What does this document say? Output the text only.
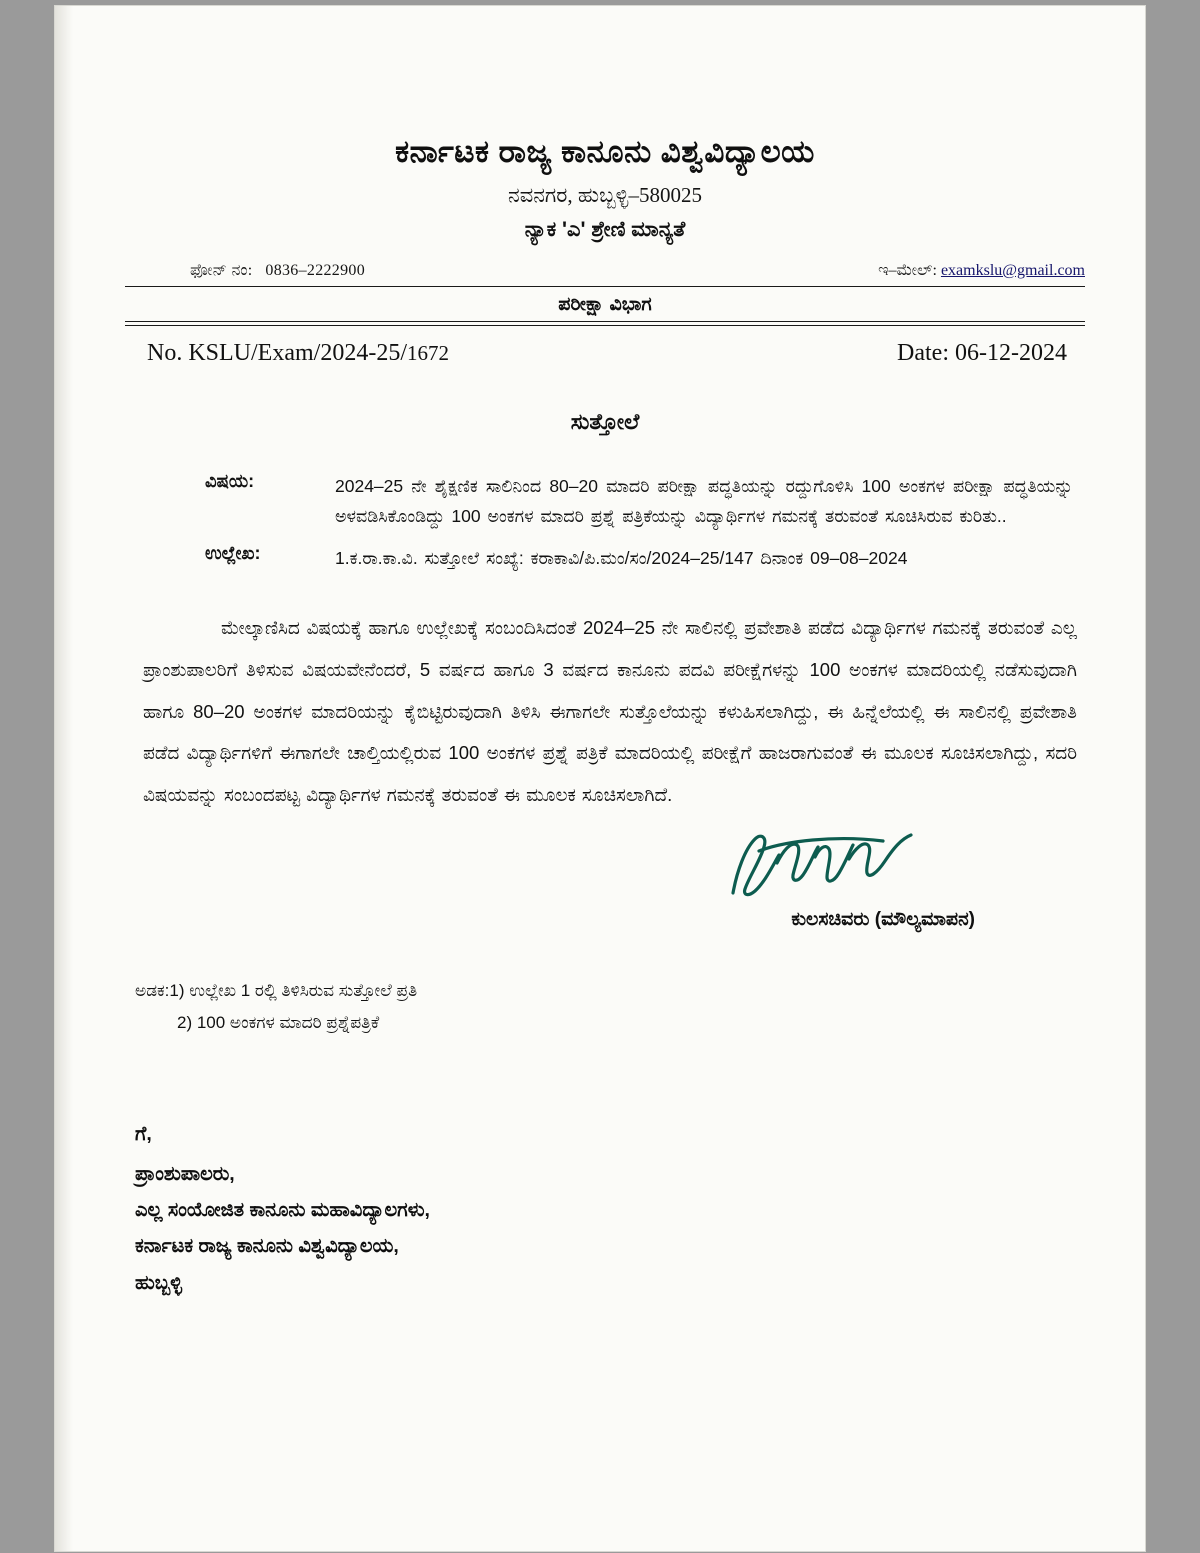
ಕರ್ನಾಟಕ ರಾಜ್ಯ ಕಾನೂನು ವಿಶ್ವವಿದ್ಯಾಲಯ
ನವನಗರ, ಹುಬ್ಬಳ್ಳಿ–580025
ನ್ಯಾಕ 'ಎ' ಶ್ರೇಣಿ ಮಾನ್ಯತೆ
ಫೋನ್ ನಂ: 0836–2222900	ಇ–ಮೇಲ್: examkslu@gmail.com
ಪರೀಕ್ಷಾ ವಿಭಾಗ
No. KSLU/Exam/2024-25/1672	Date: 06-12-2024
ಸುತ್ತೋಲೆ
ವಿಷಯ:	2024–25 ನೇ ಶೈಕ್ಷಣಿಕ ಸಾಲಿನಿಂದ 80–20 ಮಾದರಿ ಪರೀಕ್ಷಾ ಪದ್ಧತಿಯನ್ನು ರದ್ದುಗೊಳಿಸಿ 100 ಅಂಕಗಳ ಪರೀಕ್ಷಾ ಪದ್ಧತಿಯನ್ನು ಅಳವಡಿಸಿಕೊಂಡಿದ್ದು 100 ಅಂಕಗಳ ಮಾದರಿ ಪ್ರಶ್ನೆ ಪತ್ರಿಕೆಯನ್ನು ವಿದ್ಯಾರ್ಥಿಗಳ ಗಮನಕ್ಕೆ ತರುವಂತೆ ಸೂಚಿಸಿರುವ ಕುರಿತು..
ಉಲ್ಲೇಖ:	1.ಕ.ರಾ.ಕಾ.ವಿ. ಸುತ್ತೋಲೆ ಸಂಖ್ಯೆ: ಕರಾಕಾವಿ/ಪಿ.ಮಂ/ಸಂ/2024–25/147 ದಿನಾಂಕ 09–08–2024
ಮೇಲ್ಕಾಣಿಸಿದ ವಿಷಯಕ್ಕೆ ಹಾಗೂ ಉಲ್ಲೇಖಕ್ಕೆ ಸಂಬಂದಿಸಿದಂತೆ 2024–25 ನೇ ಸಾಲಿನಲ್ಲಿ ಪ್ರವೇಶಾತಿ ಪಡೆದ ವಿದ್ಯಾರ್ಥಿಗಳ ಗಮನಕ್ಕೆ ತರುವಂತೆ ಎಲ್ಲ ಪ್ರಾಂಶುಪಾಲರಿಗೆ ತಿಳಿಸುವ ವಿಷಯವೇನೆಂದರೆ, 5 ವರ್ಷದ ಹಾಗೂ 3 ವರ್ಷದ ಕಾನೂನು ಪದವಿ ಪರೀಕ್ಷೆಗಳನ್ನು 100 ಅಂಕಗಳ ಮಾದರಿಯಲ್ಲಿ ನಡೆಸುವುದಾಗಿ ಹಾಗೂ 80–20 ಅಂಕಗಳ ಮಾದರಿಯನ್ನು ಕೈಬಿಟ್ಟಿರುವುದಾಗಿ ತಿಳಿಸಿ ಈಗಾಗಲೇ ಸುತ್ತೊಲೆಯನ್ನು ಕಳುಹಿಸಲಾಗಿದ್ದು, ಈ ಹಿನ್ನೆಲೆಯಲ್ಲಿ ಈ ಸಾಲಿನಲ್ಲಿ ಪ್ರವೇಶಾತಿ ಪಡೆದ ವಿದ್ಯಾರ್ಥಿಗಳಿಗೆ ಈಗಾಗಲೇ ಚಾಲ್ತಿಯಲ್ಲಿರುವ 100 ಅಂಕಗಳ ಪ್ರಶ್ನೆ ಪತ್ರಿಕೆ ಮಾದರಿಯಲ್ಲಿ ಪರೀಕ್ಷೆಗೆ ಹಾಜರಾಗುವಂತೆ ಈ ಮೂಲಕ ಸೂಚಿಸಲಾಗಿದ್ದು, ಸದರಿ ವಿಷಯವನ್ನು ಸಂಬಂದಪಟ್ಟ ವಿದ್ಯಾರ್ಥಿಗಳ ಗಮನಕ್ಕೆ ತರುವಂತೆ ಈ ಮೂಲಕ ಸೂಚಿಸಲಾಗಿದೆ.
ಕುಲಸಚಿವರು (ಮೌಲ್ಯಮಾಪನ)
ಅಡಕ:1) ಉಲ್ಲೇಖ 1 ರಲ್ಲಿ ತಿಳಿಸಿರುವ ಸುತ್ತೋಲೆ ಪ್ರತಿ
2) 100 ಅಂಕಗಳ ಮಾದರಿ ಪ್ರಶ್ನೆಪತ್ರಿಕೆ
ಗೆ,
ಪ್ರಾಂಶುಪಾಲರು,
ಎಲ್ಲ ಸಂಯೋಜಿತ ಕಾನೂನು ಮಹಾವಿದ್ಯಾಲಗಳು,
ಕರ್ನಾಟಕ ರಾಜ್ಯ ಕಾನೂನು ವಿಶ್ವವಿದ್ಯಾಲಯ,
ಹುಬ್ಬಳ್ಳಿ
